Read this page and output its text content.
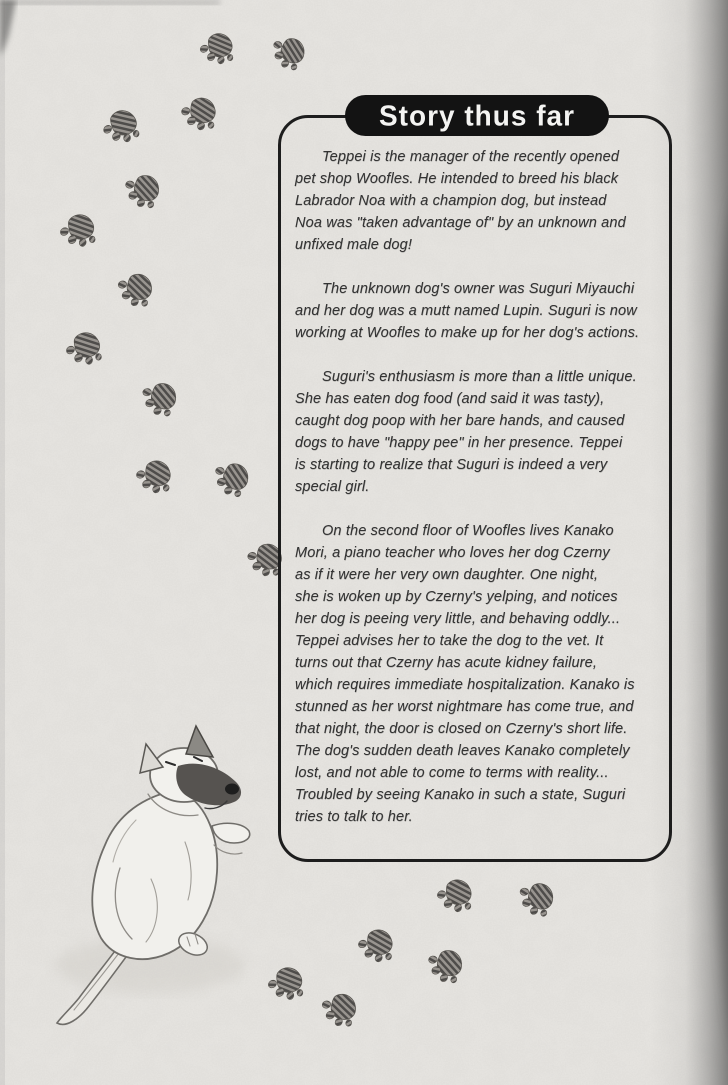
Story thus far

Teppei is the manager of the recently opened
pet shop Woofles. He intended to breed his black
Labrador Noa with a champion dog, but instead
Noa was "taken advantage of" by an unknown and
unfixed male dog!

The unknown dog's owner was Suguri Miyauchi
and her dog was a mutt named Lupin. Suguri is now
working at Woofles to make up for her dog's actions.

Suguri's enthusiasm is more than a little unique.
She has eaten dog food (and said it was tasty),
caught dog poop with her bare hands, and caused
dogs to have "happy pee" in her presence. Teppei
is starting to realize that Suguri is indeed a very
special girl.

On the second floor of Woofles lives Kanako
Mori, a piano teacher who loves her dog Czerny
as if it were her very own daughter. One night,
she is woken up by Czerny's yelping, and notices
her dog is peeing very little, and behaving oddly...
Teppei advises her to take the dog to the vet. It
turns out that Czerny has acute kidney failure,
which requires immediate hospitalization. Kanako is
stunned as her worst nightmare has come true, and
that night, the door is closed on Czerny's short life.
The dog's sudden death leaves Kanako completely
lost, and not able to come to terms with reality...
Troubled by seeing Kanako in such a state, Suguri
tries to talk to her.
